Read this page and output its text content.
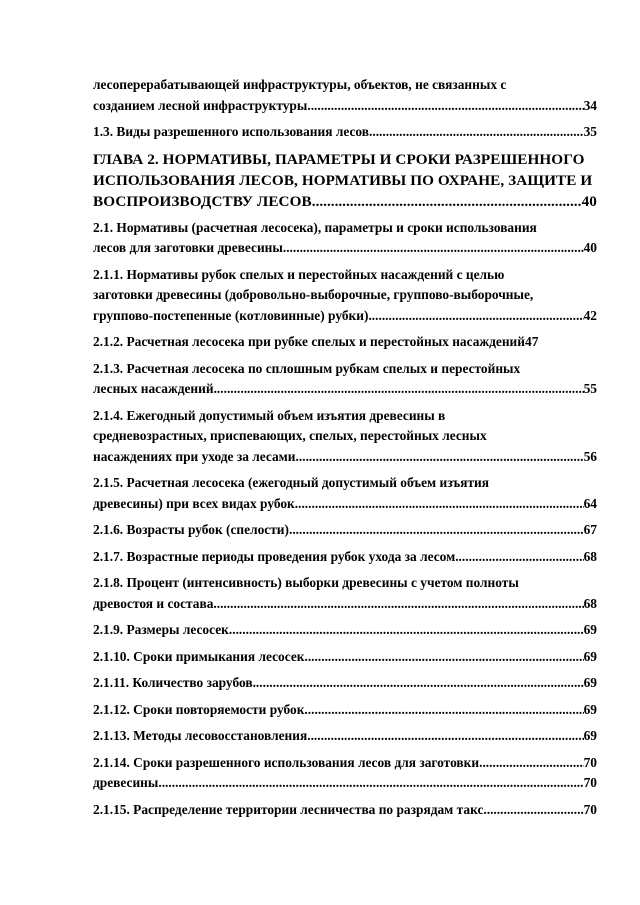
лесоперерабатывающей инфраструктуры, объектов, не связанных с
созданием лесной инфраструктуры .....	34
1.3. Виды разрешенного использования лесов .....	35
ГЛАВА 2. НОРМАТИВЫ, ПАРАМЕТРЫ И СРОКИ РАЗРЕШЕННОГО
ИСПОЛЬЗОВАНИЯ ЛЕСОВ, НОРМАТИВЫ ПО ОХРАНЕ, ЗАЩИТЕ И
ВОСПРОИЗВОДСТВУ ЛЕСОВ .....	40
2.1. Нормативы (расчетная лесосека), параметры и сроки использования
лесов для заготовки древесины .....	40
2.1.1. Нормативы рубок спелых и перестойных насаждений с целью
заготовки древесины (добровольно-выборочные, группово-выборочные,
группово-постепенные (котловинные) рубки) .....	42
2.1.2. Расчетная лесосека при рубке спелых и перестойных насаждений 47
2.1.3. Расчетная лесосека по сплошным рубкам спелых и перестойных
лесных насаждений .....	55
2.1.4. Ежегодный допустимый объем изъятия древесины в
средневозрастных, приспевающих, спелых, перестойных лесных
насаждениях при уходе за лесами .....	56
2.1.5. Расчетная лесосека (ежегодный допустимый объем изъятия
древесины) при всех видах рубок .....	64
2.1.6. Возрасты рубок (спелости) .....	67
2.1.7. Возрастные периоды проведения рубок ухода за лесом .....	68
2.1.8. Процент (интенсивность) выборки древесины с учетом полноты
древостоя и состава .....	68
2.1.9. Размеры лесосек .....	69
2.1.10. Сроки примыкания лесосек .....	69
2.1.11. Количество зарубов .....	69
2.1.12. Сроки повторяемости рубок .....	69
2.1.13. Методы лесовосстановления .....	69
2.1.14. Сроки разрешенного использования лесов для заготовки .....	70
древесины .....	70
2.1.15. Распределение территории лесничества по разрядам такс .....	70
